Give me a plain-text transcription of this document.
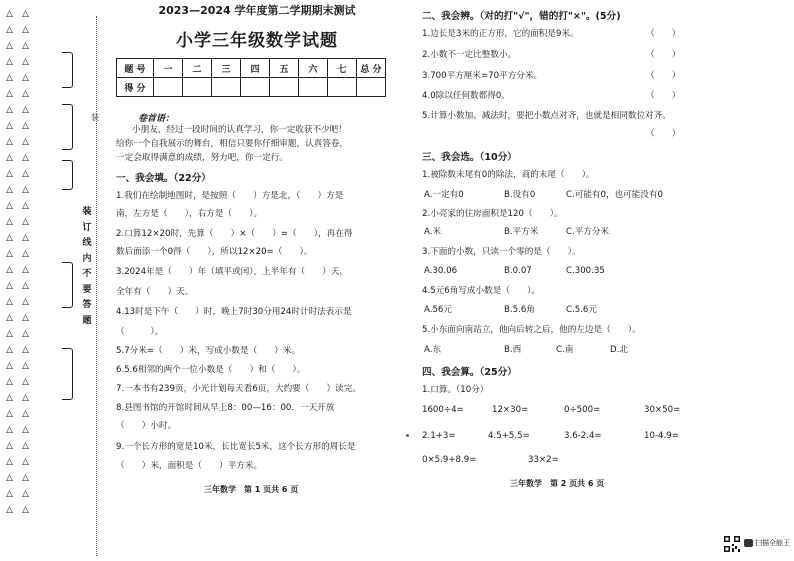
△
△
△
△
△
△
△
△
△
△
△
△
△
△
△
△
△
△
△
△
△
△
△
△
△
△
△
△
△
△
△
△
△
△
△
△
△
△
△
△
△
△
△
△
△
△
△
△
△
△
△
△
△
△
△
△
△
△
△
△
△
△
△
△
装
装
订
线
内
不
要
答
题
2023—2024 学年度第二学期期末测试
小学三年级数学试题
题 号	一	二	三	四	五	六	七	总 分
得 分								
卷首语：
小朋友，经过一段时间的认真学习，你一定收获不少吧！
给你一个自我展示的舞台，相信只要你仔细审题，认真答卷，
一定会取得满意的成绩，努力吧，你一定行。
一、我会填。（22分）
1.我们在绘制地图时，是按照（　　）方是北，（　　）方是
南，左方是（　　），右方是（　　）。
2.口算12×20时，先算（　　）×（　　）=（　　），再在得
数后面添一个0得（　　），所以12×20=（　　）。
3.2024年是（　　）年（填平或闰），上半年有（　　）天，
全年有（　　）天。
4.13时是下午（　　）时，晚上7时30分用24时计时法表示是
（　　　）。
5.7分米=（　　）米，写成小数是（　　）米。
6.5.6相邻的两个一位小数是（　　）和（　　）。
7.一本书有239页，小光计划每天看6页，大约要（　　）读完。
8.县图书馆的开馆时间从早上8：00—16：00．一天开放
（　　）小时。
9.一个长方形的宽是10米，长比宽长5米，这个长方形的周长是
（　　）米，面积是（　　）平方米。
三年数学　第 1 页共 6 页
二、我会辨。（对的打"√"，错的打"×"。(5分)
1.边长是3米的正方形，它的面积是9米。	（　　）
2.小数不一定比整数小。	（　　）
3.700平方厘米=70平方分米。	（　　）
4.0除以任何数都得0。	（　　）
5.计算小数加、减法时，要把小数点对齐，也就是相同数位对齐。
（　　）
三、我会选。（10分）
1.被除数末尾有0的除法，商的末尾（　　）。
A.一定有0	B.没有0	C.可能有0，也可能没有0
2.小亮家的住房面积是120（　　）。
A.米	B.平方米	C.平方分米
3.下面的小数，只读一个零的是（　　）。
A.30.06	B.0.07	C.300.35
4.5元6角写成小数是（　　）。
A.56元	B.5.6角	C.5.6元
5.小东面向南站立，他向后转之后，他的左边是（　　）。
A.东	B.西	C.南	D.北
四、我会算。（25分）
1.口算。（10分）
1600÷4=	12×30=	0÷500=	30×50=
2.1+3=	4.5+5.5=	3.6-2.4=	10-4.9=
0×5.9+8.9=	33×2=
三年数学　第 2 页共 6 页
扫描全能王
